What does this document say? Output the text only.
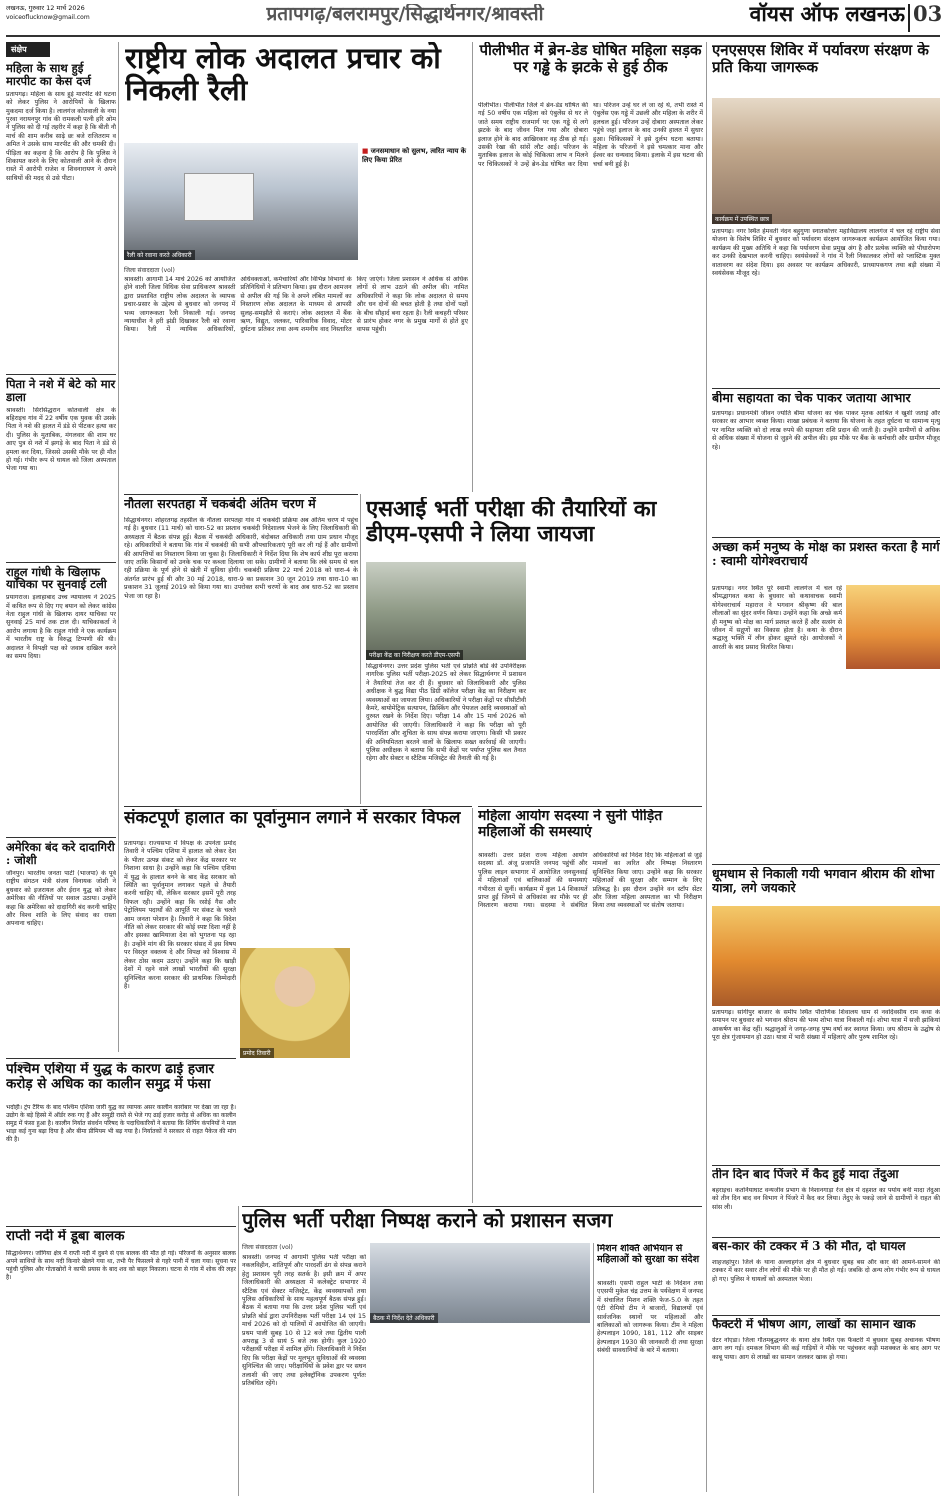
लखनऊ, गुरुवार 12 मार्च 2026
voiceoflucknow@gmail.com	प्रतापगढ़/बलरामपुर/सिद्धार्थनगर/श्रावस्ती	वॉयस ऑफ लखनऊ 03
संक्षेप
महिला के साथ हुई मारपीट का केस दर्ज
प्रतापगढ़। महिला के साथ हुई मारपीट की घटना को लेकर पुलिस ने आरोपियों के खिलाफ मुकदमा दर्ज किया है। लालगंज कोतवाली के नया पुरवा नरायनपुर गांव की रामकली पत्नी हरि ओम ने पुलिस को दी गई तहरीर में कहा है कि बीती नौ मार्च की शाम करीब साढ़े छः बजे राजितराम व अमित ने उसके साथ मारपीट की और धमकी दी। पीड़िता का कहना है कि आरोप है कि पुलिस ने शिकायत करने के लिए कोतवाली आने के दौरान रास्ते में आरोपी राजेश व शिवनारायण ने अपने साथियों की मदद से उसे पीटा।
पिता ने नशे में बेटे को मार डाला
श्रावस्ती। सिरसिद्धरान कोतवाली क्षेत्र के बहिराइच गांव में 22 वर्षीय एक युवक की उसके पिता ने नशे की हालत में डंडे से पीटकर हत्या कर दी। पुलिस के मुताबिक, मंगलवार की शाम घर आए पुत्र से नशे में झगड़े के बाद पिता ने डंडे से हमला कर दिया, जिससे उसकी मौके पर ही मौत हो गई। गंभीर रूप से घायल को जिला अस्पताल भेजा गया था।
राहुल गांधी के खिलाफ याचिका पर सुनवाई टली
प्रयागराज। इलाहाबाद उच्च न्यायालय ने 2025 में कथित रूप से दिए गए बयान को लेकर कांग्रेस नेता राहुल गांधी के खिलाफ दायर याचिका पर सुनवाई 25 मार्च तक टाल दी। याचिकाकर्ता ने आरोप लगाया है कि राहुल गांधी ने एक कार्यक्रम में भारतीय राष्ट्र के विरुद्ध टिप्पणी की थी। अदालत ने विपक्षी पक्ष को जवाब दाखिल करने का समय दिया।
अमेरिका बंद करे दादागिरी : जोशी
जौनपुर। भारतीय जनता पार्टी (भाजपा) के पूर्व राष्ट्रीय संगठन मंत्री संजय विनायक जोशी ने बुधवार को इजरायल और ईरान युद्ध को लेकर अमेरिका की नीतियों पर सवाल उठाया। उन्होंने कहा कि अमेरिका को दादागिरी बंद करनी चाहिए और विश्व शांति के लिए संवाद का रास्ता अपनाना चाहिए।
राष्ट्रीय लोक अदालत प्रचार को निकली रैली
रैली को रवाना करते अधिकारी
■ जनसमाधान को सुलभ, त्वरित न्याय के लिए किया प्रेरित
जिला संवाददाता (vol)
श्रावस्ती। आगामी 14 मार्च 2026 को आयोजित होने वाली जिला विधिक सेवा प्राधिकरण श्रावस्ती द्वारा प्रस्तावित राष्ट्रीय लोक अदालत के व्यापक प्रचार-प्रसार के उद्देश्य से बुधवार को जनपद में भव्य जागरूकता रैली निकाली गई। जनपद न्यायाधीश ने हरी झंडी दिखाकर रैली को रवाना किया। रैली में न्यायिक अधिकारियों, अधिवक्ताओं, कर्मचारियों और विभिन्न विभागों के प्रतिनिधियों ने प्रतिभाग किया। इस दौरान आमजन से अपील की गई कि वे अपने लंबित मामलों का निस्तारण लोक अदालत के माध्यम से आपसी सुलह-समझौते से कराएं। लोक अदालत में बैंक ऋण, विद्युत, जलकर, पारिवारिक विवाद, मोटर दुर्घटना प्रतिकर तथा अन्य शमनीय वाद निस्तारित किए जाएंगे। जिला प्रशासन ने अधिक से अधिक लोगों से लाभ उठाने की अपील की। नामित अधिकारियों ने कहा कि लोक अदालत से समय और धन दोनों की बचत होती है तथा दोनों पक्षों के बीच सौहार्द बना रहता है। रैली कचहरी परिसर से प्रारंभ होकर नगर के प्रमुख मार्गों से होते हुए वापस पहुंची।
पीलीभीत में ब्रेन-डेड घोषित महिला सड़क पर गड्ढे के झटके से हुई ठीक
पीलीभीत। पीलीभीत जिले में ब्रेन-डेड घोषित की गई 50 वर्षीय एक महिला को एंबुलेंस से घर ले जाते समय राष्ट्रीय राजमार्ग पर एक गड्ढे से लगे झटके के बाद जीवन मिल गया और दोबारा इलाज होने के बाद आखिरकार वह ठीक हो गई। उसकी रेखा की सांसें लौट आईं। परिजन के मुताबिक इलाज के कोई चिकित्सा लाभ न मिलने पर चिकित्सकों ने उन्हें ब्रेन-डेड घोषित कर दिया था। परिजन उन्हें घर ले जा रहे थे, तभी रास्ते में एंबुलेंस एक गड्ढे में उछली और महिला के शरीर में हलचल हुई। परिजन उन्हें दोबारा अस्पताल लेकर पहुंचे जहां इलाज के बाद उनकी हालत में सुधार हुआ। चिकित्सकों ने इसे दुर्लभ घटना बताया। महिला के परिजनों ने इसे चमत्कार माना और ईश्वर का धन्यवाद किया। इलाके में इस घटना की चर्चा बनी हुई है।
एनएसएस शिविर में पर्यावरण संरक्षण के प्रति किया जागरूक
कार्यक्रम में उपस्थित छात्र
प्रतापगढ़। नगर स्थित हेमवती नंदन बहुगुणा स्नातकोत्तर महाविद्यालय लालगंज में चल रहे राष्ट्रीय सेवा योजना के विशेष शिविर में बुधवार को पर्यावरण संरक्षण जागरूकता कार्यक्रम आयोजित किया गया। कार्यक्रम की मुख्य अतिथि ने कहा कि पर्यावरण सेवा प्रमुख अंग है और प्रत्येक व्यक्ति को पौधारोपण कर उनकी देखभाल करनी चाहिए। स्वयंसेवकों ने गांव में रैली निकालकर लोगों को प्लास्टिक मुक्त वातावरण का संदेश दिया। इस अवसर पर कार्यक्रम अधिकारी, प्राध्यापकगण तथा बड़ी संख्या में स्वयंसेवक मौजूद रहे।
बीमा सहायता का चेक पाकर जताया आभार
प्रतापगढ़। प्रधानमंत्री जीवन ज्योति बीमा योजना का चेक पाकर मृतक आश्रित ने खुशी जताई और सरकार का आभार व्यक्त किया। शाखा प्रबंधक ने बताया कि योजना के तहत दुर्घटना या सामान्य मृत्यु पर नामित व्यक्ति को दो लाख रुपये की सहायता राशि प्रदान की जाती है। उन्होंने ग्रामीणों से अधिक से अधिक संख्या में योजना से जुड़ने की अपील की। इस मौके पर बैंक के कर्मचारी और ग्रामीण मौजूद रहे।
अच्छा कर्म मनुष्य के मोक्ष का प्रशस्त करता है मार्ग : स्वामी योगेश्वराचार्य
प्रतापगढ़। नगर स्थित पूरे स्वामी लालगंज में चल रहे श्रीमद्भागवत कथा के बुधवार को कथावाचक स्वामी योगेश्वराचार्य महाराज ने भगवान श्रीकृष्ण की बाल लीलाओं का सुंदर वर्णन किया। उन्होंने कहा कि अच्छे कर्म ही मनुष्य को मोक्ष का मार्ग प्रशस्त करते हैं और सत्संग से जीवन में सद्गुणों का विकास होता है। कथा के दौरान श्रद्धालु भक्ति में लीन होकर झूमते रहे। आयोजकों ने आरती के बाद प्रसाद वितरित किया।
धूमधाम से निकाली गयी भगवान श्रीराम की शोभा यात्रा, लगे जयकारे
प्रतापगढ़। सांगीपुर बाजार के समीप स्थित पौराणिक शिवालय धाम से नवदिवसीय राम कथा के समापन पर बुधवार को भगवान श्रीराम की भव्य शोभा यात्रा निकाली गई। शोभा यात्रा में सजी झांकियां आकर्षण का केंद्र रहीं। श्रद्धालुओं ने जगह-जगह पुष्प वर्षा कर स्वागत किया। जय श्रीराम के उद्घोष से पूरा क्षेत्र गुंजायमान हो उठा। यात्रा में भारी संख्या में महिलाएं और पुरुष शामिल रहे।
तीन दिन बाद पिंजरे में कैद हुई मादा तेंदुआ
बहराइच। कतर्नियाघाट वन्यजीव प्रभाग के निशानगाड़ा रेंज क्षेत्र में दहशत का पर्याय बनी मादा तेंदुआ को तीन दिन बाद वन विभाग ने पिंजरे में कैद कर लिया। तेंदुए के पकड़े जाने से ग्रामीणों ने राहत की सांस ली।
बस-कार की टक्कर में 3 की मौत, दो घायल
शाहजहांपुर। जिले के थाना अल्लाहगंज क्षेत्र में बुधवार सुबह बस और कार की आमने-सामने की टक्कर में कार सवार तीन लोगों की मौके पर ही मौत हो गई। जबकि दो अन्य लोग गंभीर रूप से घायल हो गए। पुलिस ने घायलों को अस्पताल भेजा।
फैक्टरी में भीषण आग, लाखों का सामान खाक
ग्रेटर नोएडा। जिला गौतमबुद्धनगर के थाना क्षेत्र स्थित एक फैक्टरी में बुधवार सुबह अचानक भीषण आग लग गई। दमकल विभाग की कई गाड़ियों ने मौके पर पहुंचकर कड़ी मशक्कत के बाद आग पर काबू पाया। आग से लाखों का सामान जलकर खाक हो गया।
नौतला सरपतहा में चकबंदी अंतिम चरण में
सिद्धार्थनगर। शोहरतगढ़ तहसील के नौतला सरपतहा गांव में चकबंदी प्रक्रिया अब अंतिम चरण में पहुंच गई है। बुधवार (11 मार्च) को धारा-52 का प्रस्ताव चकबंदी निदेशालय भेजने के लिए जिलाधिकारी की अध्यक्षता में बैठक संपन्न हुई। बैठक में चकबंदी अधिकारी, बंदोबस्त अधिकारी तथा ग्राम प्रधान मौजूद रहे। अधिकारियों ने बताया कि गांव में चकबंदी की सभी औपचारिकताएं पूरी कर ली गई हैं और ग्रामीणों की आपत्तियों का निस्तारण किया जा चुका है। जिलाधिकारी ने निर्देश दिया कि शेष कार्य शीघ्र पूरा कराया जाए ताकि किसानों को उनके चक पर कब्जा दिलाया जा सके। ग्रामीणों ने बताया कि लंबे समय से चल रही प्रक्रिया के पूर्ण होने से खेती में सुविधा होगी। चकबंदी प्रक्रिया 22 मार्च 2018 को धारा-4 के अंतर्गत प्रारंभ हुई थी और 30 मई 2018, धारा-9 का प्रकाशन 30 जून 2019 तथा धारा-10 का प्रकाशन 31 जुलाई 2019 को किया गया था। उपरोक्त सभी चरणों के बाद अब धारा-52 का प्रस्ताव भेजा जा रहा है।
एसआई भर्ती परीक्षा की तैयारियों का डीएम-एसपी ने लिया जायजा
परीक्षा केंद्र का निरीक्षण करते डीएम-एसपी
सिद्धार्थनगर। उत्तर प्रदेश पुलिस भर्ती एवं प्रोन्नति बोर्ड की उपनिरीक्षक नागरिक पुलिस भर्ती परीक्षा-2025 को लेकर सिद्धार्थनगर में प्रशासन ने तैयारियां तेज कर दी हैं। बुधवार को जिलाधिकारी और पुलिस अधीक्षक ने बुद्ध विद्या पीठ डिग्री कॉलेज परीक्षा केंद्र का निरीक्षण कर व्यवस्थाओं का जायजा लिया। अधिकारियों ने परीक्षा केंद्रों पर सीसीटीवी कैमरे, बायोमेट्रिक सत्यापन, फ्रिस्किंग और पेयजल आदि व्यवस्थाओं को दुरुस्त रखने के निर्देश दिए। परीक्षा 14 और 15 मार्च 2026 को आयोजित की जाएगी। जिलाधिकारी ने कहा कि परीक्षा को पूरी पारदर्शिता और शुचिता के साथ संपन्न कराया जाएगा। किसी भी प्रकार की अनियमितता बरतने वालों के खिलाफ सख्त कार्रवाई की जाएगी। पुलिस अधीक्षक ने बताया कि सभी केंद्रों पर पर्याप्त पुलिस बल तैनात रहेगा और सेक्टर व स्टैटिक मजिस्ट्रेट की तैनाती की गई है।
महिला आयोग सदस्या ने सुनी पीड़ित महिलाओं की समस्याएं
श्रावस्ती। उत्तर प्रदेश राज्य महिला आयोग सदस्या डॉ. अंजू प्रजापति जनपद पहुंचीं और पुलिस लाइन सभागार में आयोजित जनसुनवाई में महिलाओं एवं बालिकाओं की समस्याएं गंभीरता से सुनीं। कार्यक्रम में कुल 14 शिकायतें प्राप्त हुईं जिनमें से अधिकांश का मौके पर ही निस्तारण कराया गया। सदस्या ने संबंधित अधिकारियों को निर्देश दिए कि महिलाओं से जुड़े मामलों का त्वरित और निष्पक्ष निस्तारण सुनिश्चित किया जाए। उन्होंने कहा कि सरकार महिलाओं की सुरक्षा और सम्मान के लिए प्रतिबद्ध है। इस दौरान उन्होंने वन स्टॉप सेंटर और जिला महिला अस्पताल का भी निरीक्षण किया तथा व्यवस्थाओं पर संतोष जताया।
संकटपूर्ण हालात का पूर्वानुमान लगाने में सरकार विफल
प्रतापगढ़। राज्यसभा में विपक्ष के उपनेता प्रमोद तिवारी ने पश्चिम एशिया में हालात को लेकर देश के भीतर उत्पन्न संकट को लेकर केंद्र सरकार पर निशाना साधा है। उन्होंने कहा कि पश्चिम एशिया में युद्ध के हालात बनने के बाद केंद्र सरकार को स्थिति का पूर्वानुमान लगाकर पहले से तैयारी करनी चाहिए थी, लेकिन सरकार इसमें पूरी तरह विफल रही। उन्होंने कहा कि रसोई गैस और पेट्रोलियम पदार्थों की आपूर्ति पर संकट के चलते आम जनता परेशान है। तिवारी ने कहा कि विदेश नीति को लेकर सरकार की कोई स्पष्ट दिशा नहीं है और इसका खामियाजा देश को भुगतना पड़ रहा है। उन्होंने मांग की कि सरकार संसद में इस विषय पर विस्तृत वक्तव्य दे और विपक्ष को विश्वास में लेकर ठोस कदम उठाए। उन्होंने कहा कि खाड़ी देशों में रहने वाले लाखों भारतीयों की सुरक्षा सुनिश्चित करना सरकार की प्राथमिक जिम्मेदारी है।
प्रमोद तिवारी
पश्चिम एशिया में युद्ध के कारण ढाई हजार करोड़ से अधिक का कालीन समुद्र में फंसा
भदोही। ट्रंप टैरिफ के बाद पश्चिम एशिया जारी युद्ध का व्यापक असर कालीन कारोबार पर देखा जा रहा है। उद्योग के बड़े हिस्से में ऑर्डर रुक गए हैं और समुद्री रास्ते से भेजे गए ढाई हजार करोड़ से अधिक का कालीन समुद्र में फंसा हुआ है। कालीन निर्यात संवर्धन परिषद के पदाधिकारियों ने बताया कि शिपिंग कंपनियों ने माल भाड़ा कई गुना बढ़ा दिया है और बीमा प्रीमियम भी बढ़ गया है। निर्यातकों ने सरकार से राहत पैकेज की मांग की है।
राप्ती नदी में डूबा बालक
सिद्धार्थनगर। जोगिया क्षेत्र में राप्ती नदी में दुबने से एक बालक की मौत हो गई। परिजनों के अनुसार बालक अपने साथियों के साथ नदी किनारे खेलने गया था, तभी पैर फिसलने से गहरे पानी में चला गया। सूचना पर पहुंची पुलिस और गोताखोरों ने काफी प्रयास के बाद शव को बाहर निकाला। घटना से गांव में शोक की लहर है।
पुलिस भर्ती परीक्षा निष्पक्ष कराने को प्रशासन सजग
जिला संवाददाता (vol)
बैठक में निर्देश देते अधिकारी
श्रावस्ती। जनपद में आगामी पुलिस भर्ती परीक्षा को नकलविहीन, शांतिपूर्ण और पारदर्शी ढंग से संपन्न कराने हेतु प्रशासन पूरी तरह सतर्क है। इसी क्रम में अपर जिलाधिकारी की अध्यक्षता में कलेक्ट्रेट सभागार में स्टैटिक एवं सेक्टर मजिस्ट्रेट, केंद्र व्यवस्थापकों तथा पुलिस अधिकारियों के साथ महत्वपूर्ण बैठक संपन्न हुई। बैठक में बताया गया कि उत्तर प्रदेश पुलिस भर्ती एवं प्रोन्नति बोर्ड द्वारा उपनिरीक्षक भर्ती परीक्षा 14 एवं 15 मार्च 2026 को दो पालियों में आयोजित की जाएगी। प्रथम पाली सुबह 10 से 12 बजे तथा द्वितीय पाली अपराह्न 3 से सायं 5 बजे तक होगी। कुल 1920 परीक्षार्थी परीक्षा में शामिल होंगे। जिलाधिकारी ने निर्देश दिए कि परीक्षा केंद्रों पर मूलभूत सुविधाओं की व्यवस्था सुनिश्चित की जाए। परीक्षार्थियों के प्रवेश द्वार पर सघन तलाशी की जाए तथा इलेक्ट्रॉनिक उपकरण पूर्णतः प्रतिबंधित रहेंगे।
मिशन शक्ति अभियान से महिलाओं को सुरक्षा का संदेश
श्रावस्ती। एसपी राहुल भाटी के निर्देशन तथा एएसपी मुकेश चंद्र उत्तम के पर्यवेक्षण में जनपद में संचालित मिशन शक्ति फेज-5.0 के तहत एंटी रोमियो टीम ने बाजारों, विद्यालयों एवं सार्वजनिक स्थानों पर महिलाओं और बालिकाओं को जागरूक किया। टीम ने महिला हेल्पलाइन 1090, 181, 112 और साइबर हेल्पलाइन 1930 की जानकारी दी तथा सुरक्षा संबंधी सावधानियों के बारे में बताया।
